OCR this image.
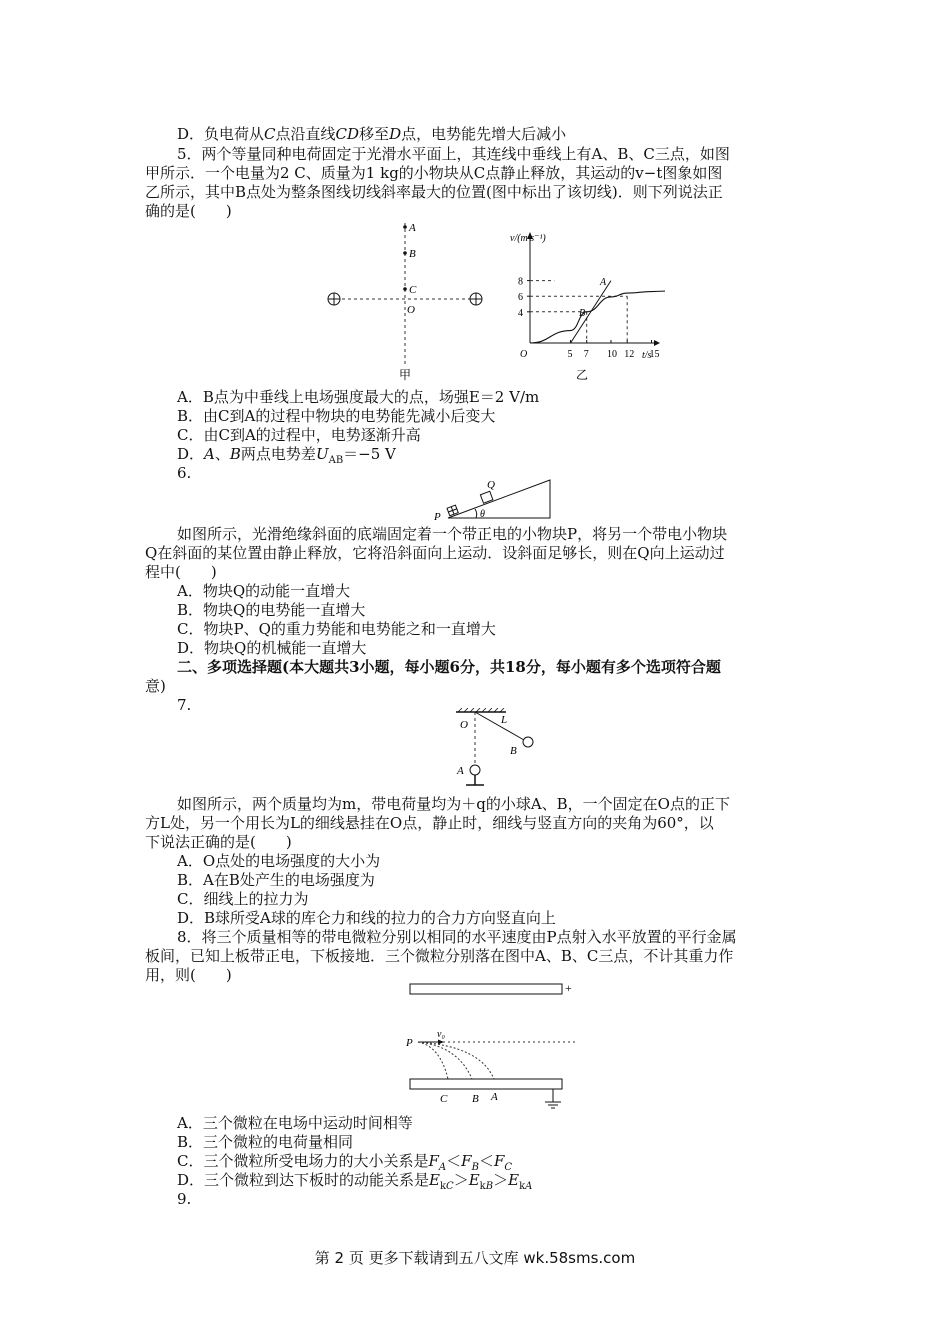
D．负电荷从C点沿直线CD移至D点，电势能先增大后减小
5．两个等量同种电荷固定于光滑水平面上，其连线中垂线上有A、B、C三点，如图
甲所示．一个电量为2 C、质量为1 kg的小物块从C点静止释放，其运动的v−t图象如图
乙所示，其中B点处为整条图线切线斜率最大的位置(图中标出了该切线)．则下列说法正
确的是(　　)
A
B
C
O
甲
v/(m·s⁻¹)
t/s
O
8
6
4
5 7 10 12 15
A
B
乙
A．B点为中垂线上电场强度最大的点，场强E＝2 V/m
B．由C到A的过程中物块的电势能先减小后变大
C．由C到A的过程中，电势逐渐升高
D．A、B两点电势差$U_{AB}=-5$ V
6.
P
Q
θ
如图所示，光滑绝缘斜面的底端固定着一个带正电的小物块P，将另一个带电小物块
Q在斜面的某位置由静止释放，它将沿斜面向上运动．设斜面足够长，则在Q向上运动过
程中(　　)
A．物块Q的动能一直增大
B．物块Q的电势能一直增大
C．物块P、Q的重力势能和电势能之和一直增大
D．物块Q的机械能一直增大
二、多项选择题(本大题共3小题，每小题6分，共18分，每小题有多个选项符合题
意)
7.
O	L
B
A
如图所示，两个质量均为m，带电荷量均为＋q的小球A、B，一个固定在O点的正下
方L处，另一个用长为L的细线悬挂在O点，静止时，细线与竖直方向的夹角为60°，以
下说法正确的是(　　)
A．O点处的电场强度的大小为
B．A在B处产生的电场强度为
C．细线上的拉力为
D．B球所受A球的库仑力和线的拉力的合力方向竖直向上
8．将三个质量相等的带电微粒分别以相同的水平速度由P点射入水平放置的平行金属
板间，已知上板带正电，下板接地．三个微粒分别落在图中A、B、C三点，不计其重力作
用，则(　　)
+
P
v₀
C B A
A．三个微粒在电场中运动时间相等
B．三个微粒的电荷量相同
C．三个微粒所受电场力的大小关系是$F_A<F_B<F_C$
D．三个微粒到达下板时的动能关系是$E_{kC}>E_{kB}>E_{kA}$
9.
第 2 页 更多下载请到五八文库 wk.58sms.com
